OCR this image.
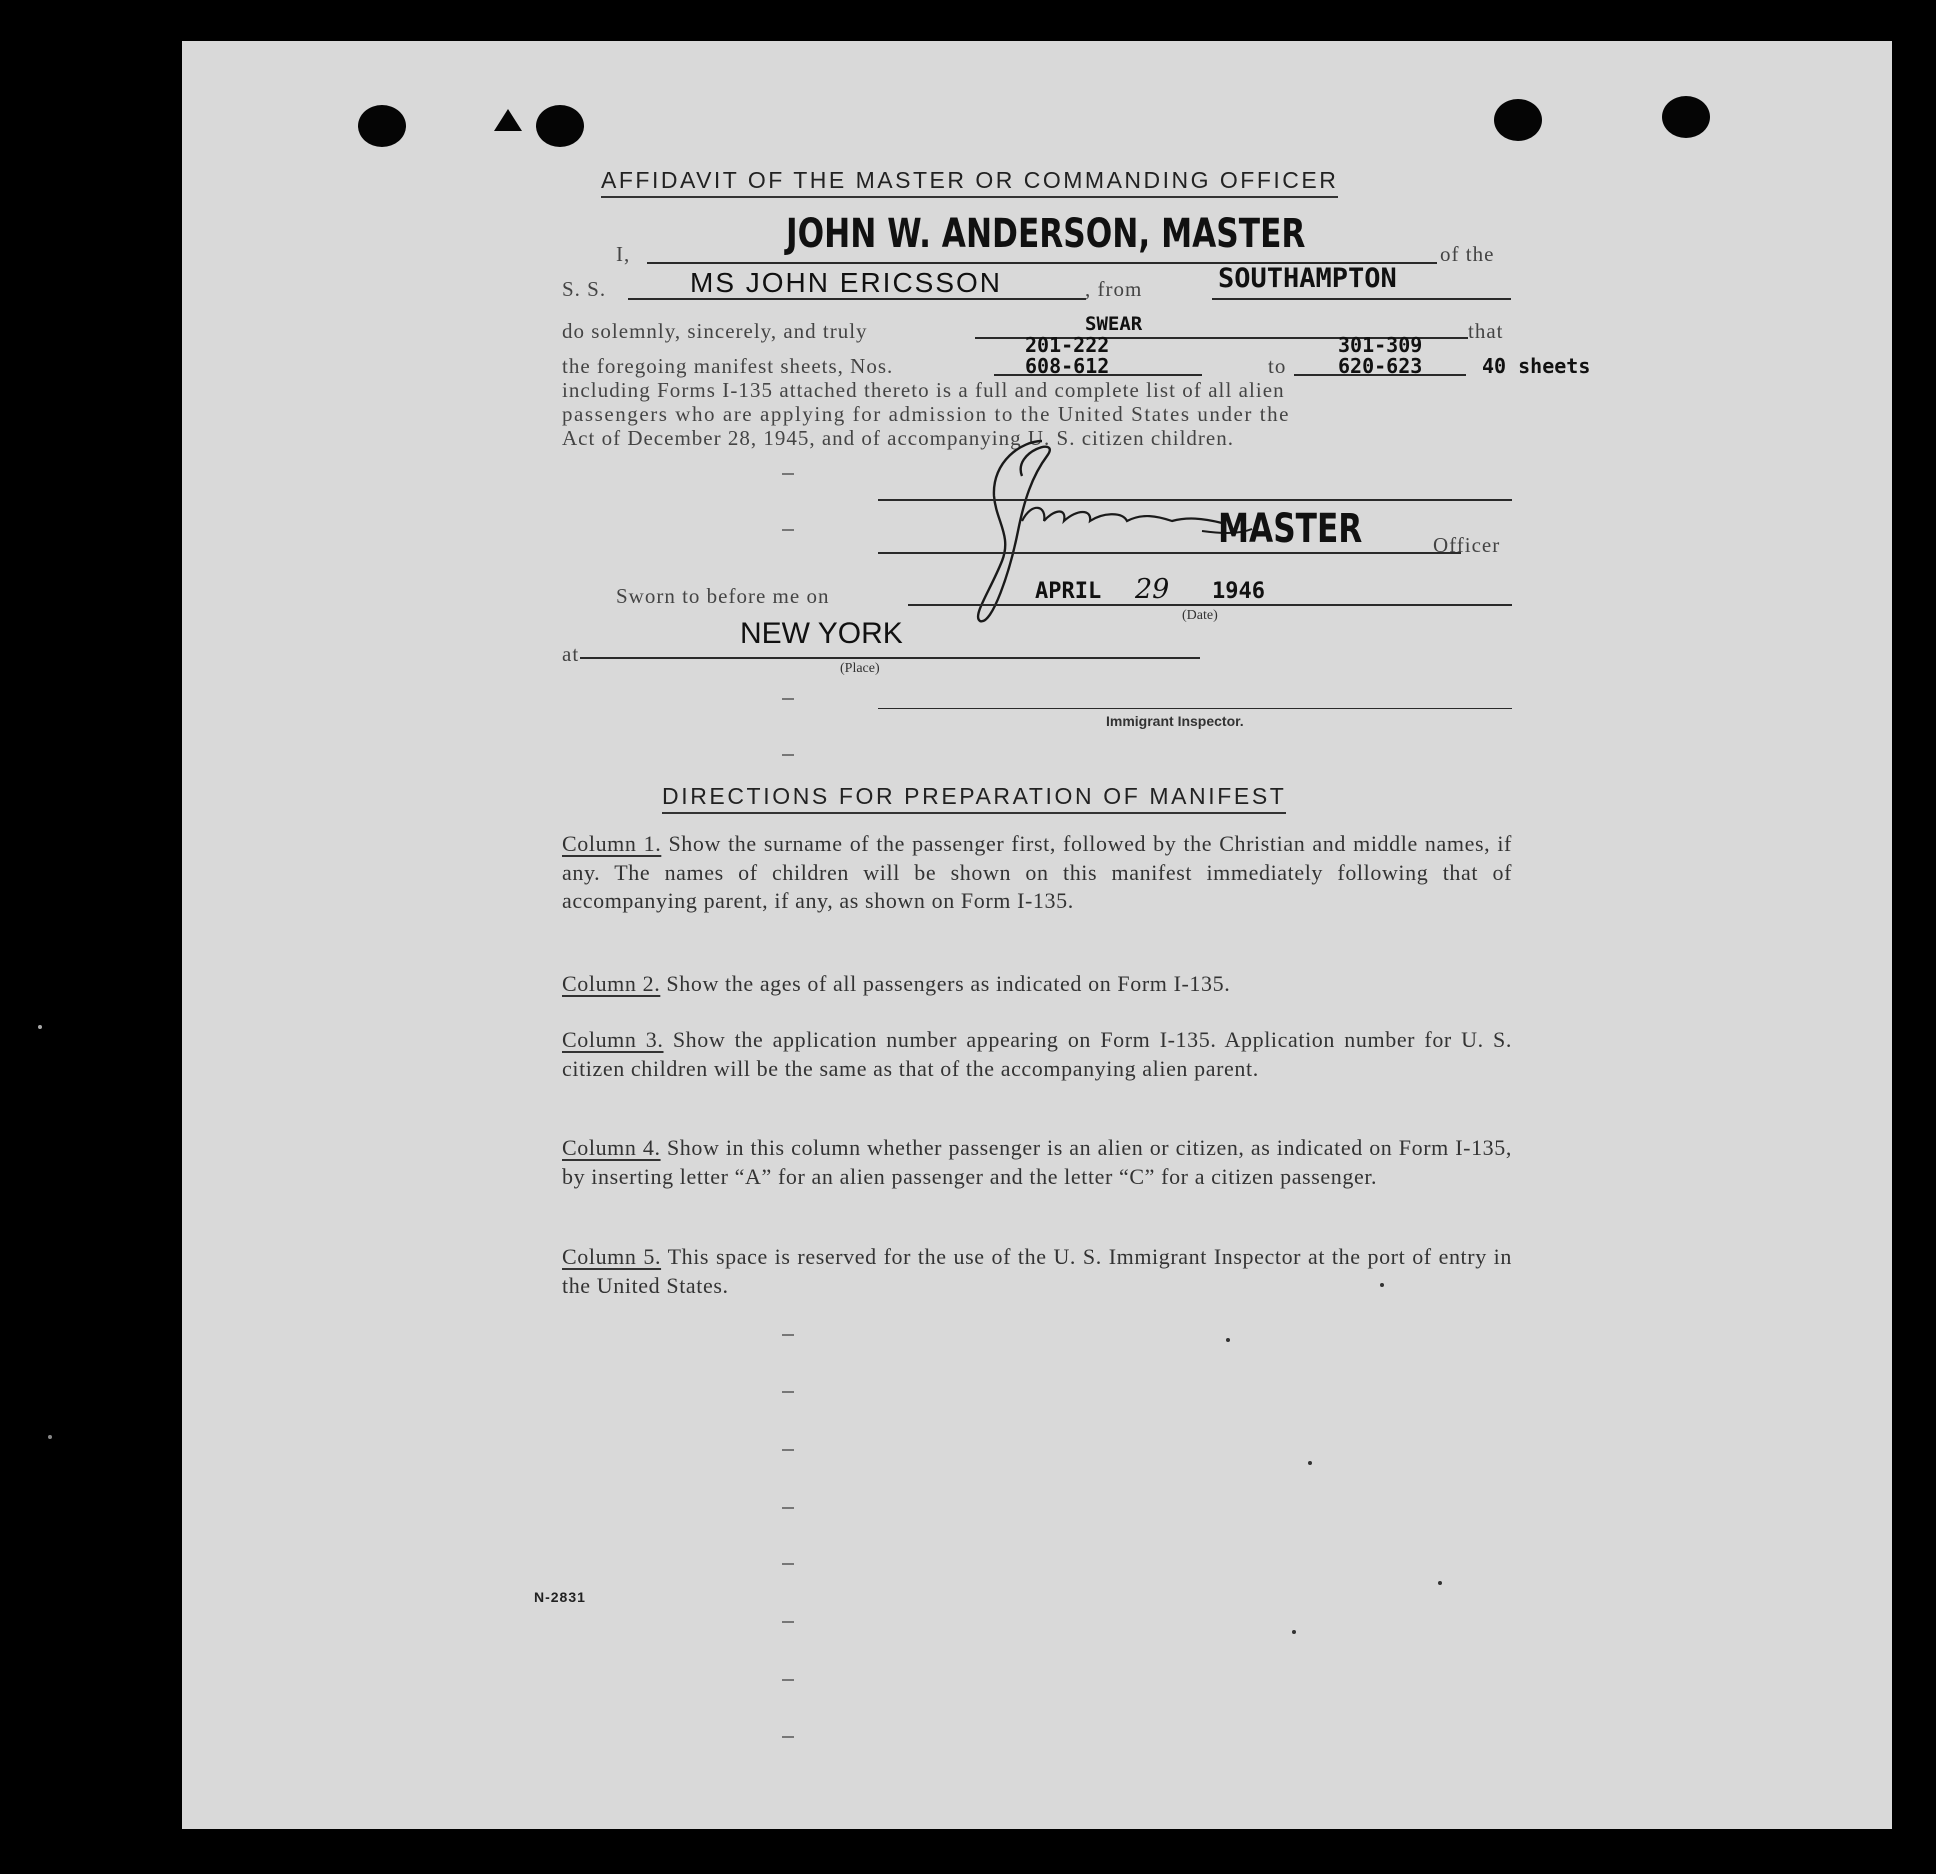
AFFIDAVIT OF THE MASTER OR COMMANDING OFFICER
I,	JOHN W. ANDERSON, MASTER	of the
S. S.	MS JOHN ERICSSON	, from	SOUTHAMPTON
do solemnly, sincerely, and truly	SWEAR	that
the foregoing manifest sheets, Nos.
201-222
608-612	to
301-309
620-623	40 sheets
including Forms I-135 attached thereto is a full and complete list of all alien
passengers who are applying for admission to the United States under the
Act of December 28, 1945, and of accompanying U. S. citizen children.
MASTER	Officer
Sworn to before me on	APRIL 29 1946
(Date)
at
NEW YORK
(Place)
Immigrant Inspector.
DIRECTIONS FOR PREPARATION OF MANIFEST
Column 1. Show the surname of the passenger first, followed by the Christian and middle names, if any. The names of children will be shown on this manifest immediately following that of accompanying parent, if any, as shown on Form I-135.
Column 2. Show the ages of all passengers as indicated on Form I-135.
Column 3. Show the application number appearing on Form I-135. Application number for U. S. citizen children will be the same as that of the accompanying alien parent.
Column 4. Show in this column whether passenger is an alien or citizen, as indicated on Form I-135, by inserting letter “A” for an alien passenger and the letter “C” for a citizen passenger.
Column 5. This space is reserved for the use of the U. S. Immigrant Inspector at the port of entry in the United States.
N-2831
